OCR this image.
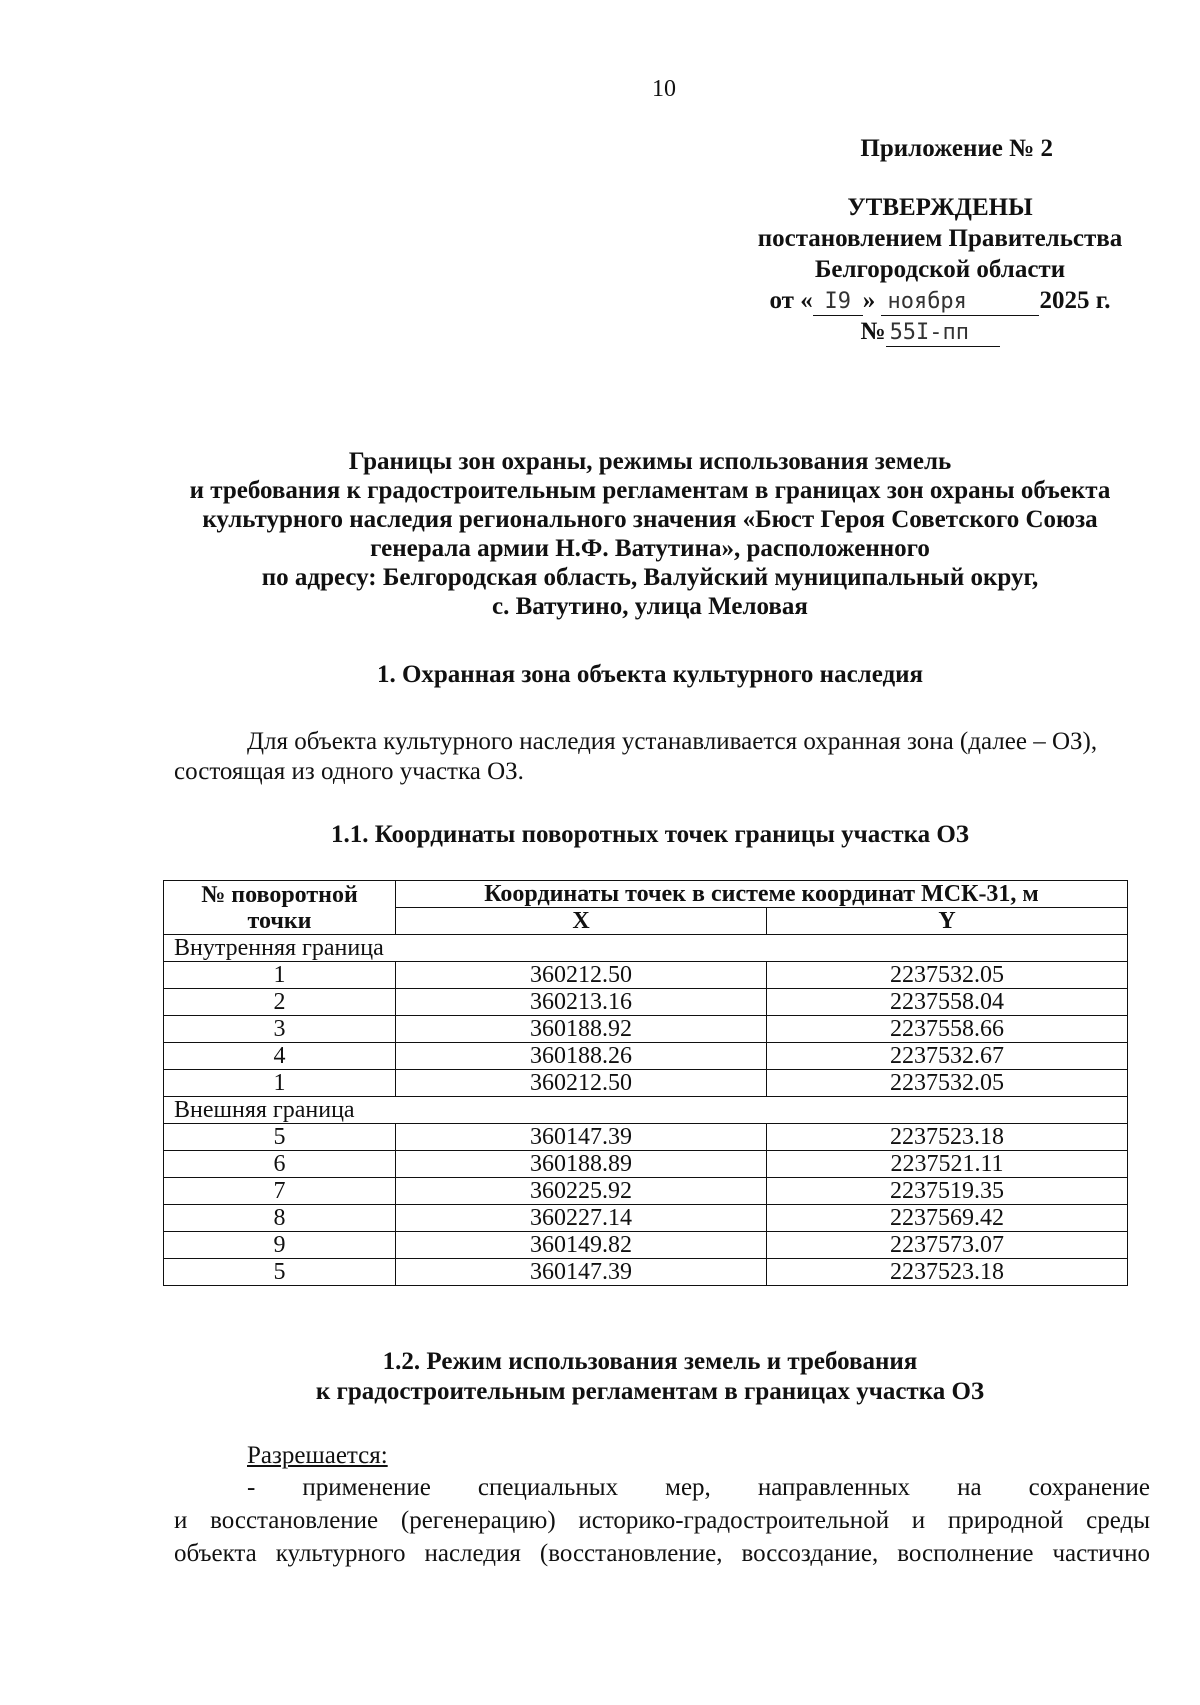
10
Приложение № 2
УТВЕРЖДЕНЫ
постановлением Правительства
Белгородской области
от « I9 » ноября	2025 г.
№ 55I-пп
Границы зон охраны, режимы использования земель
и требования к градостроительным регламентам в границах зон охраны объекта
культурного наследия регионального значения «Бюст Героя Советского Союза
генерала армии Н.Ф. Ватутина», расположенного
по адресу: Белгородская область, Валуйский муниципальный округ,
с. Ватутино, улица Меловая
1. Охранная зона объекта культурного наследия
Для объекта культурного наследия устанавливается охранная зона (далее – ОЗ),
состоящая из одного участка ОЗ.
1.1. Координаты поворотных точек границы участка ОЗ
№ поворотной
точки	Координаты точек в системе координат МСК-31, м	
	X	Y
Внутренняя граница		
1	360212.50	2237532.05
2	360213.16	2237558.04
3	360188.92	2237558.66
4	360188.26	2237532.67
1	360212.50	2237532.05
Внешняя граница		
5	360147.39	2237523.18
6	360188.89	2237521.11
7	360225.92	2237519.35
8	360227.14	2237569.42
9	360149.82	2237573.07
5	360147.39	2237523.18
1.2. Режим использования земель и требования
к градостроительным регламентам в границах участка ОЗ
Разрешается:
- применение специальных мер, направленных на сохранение
и восстановление (регенерацию) историко-градостроительной и природной среды
объекта культурного наследия (восстановление, воссоздание, восполнение частично
